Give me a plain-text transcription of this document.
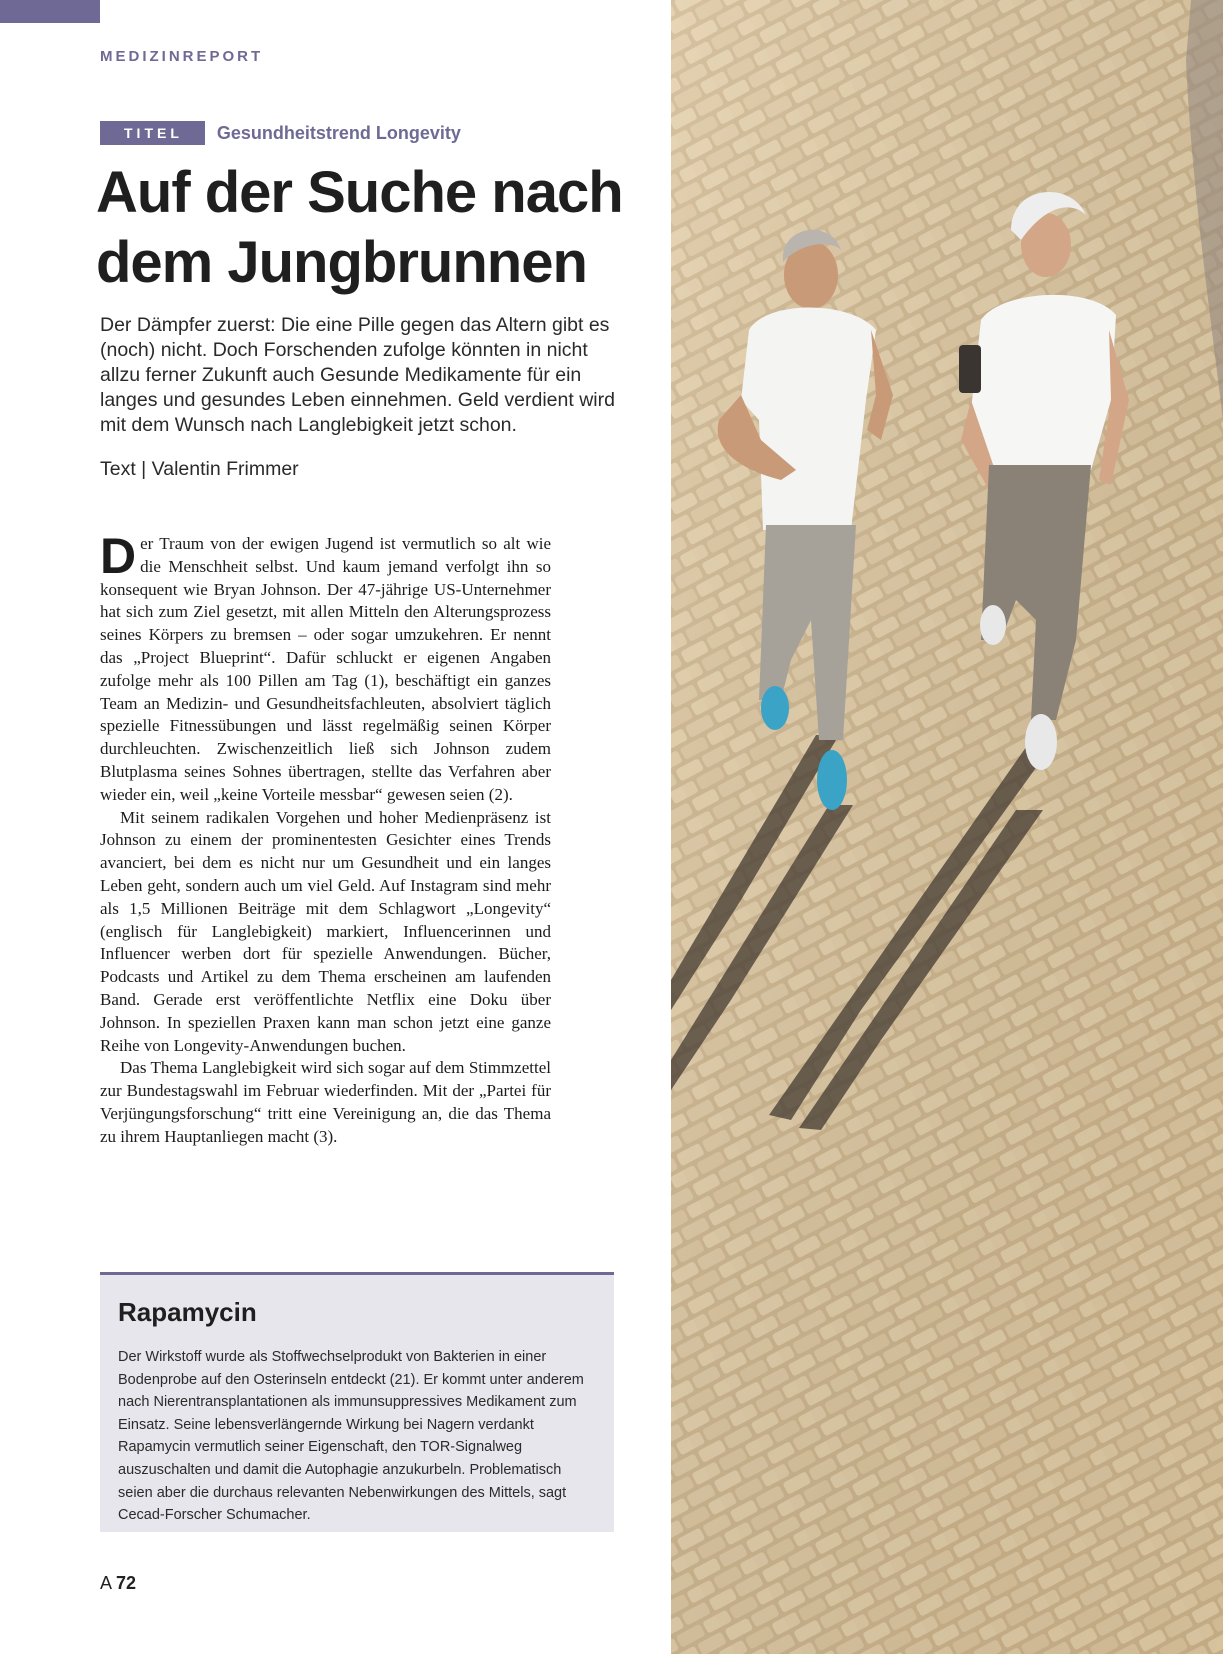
MEDIZINREPORT
TITEL	Gesundheitstrend Longevity
Auf der Suche nach dem Jungbrunnen

Der Dämpfer zuerst: Die eine Pille gegen das Altern gibt es (noch) nicht. Doch Forschenden zufolge könnten in nicht allzu ferner Zukunft auch Gesunde Medikamente für ein langes und gesundes Leben einnehmen. Geld verdient wird mit dem Wunsch nach Langlebigkeit jetzt schon.

Text | Valentin Frimmer

Der Traum von der ewigen Jugend ist vermutlich so alt wie die Menschheit selbst. Und kaum jemand verfolgt ihn so konsequent wie Bryan Johnson. Der 47-jährige US-Unternehmer hat sich zum Ziel gesetzt, mit allen Mitteln den Alterungsprozess seines Körpers zu bremsen – oder sogar umzukehren. Er nennt das „Project Blueprint“. Dafür schluckt er eigenen Angaben zufolge mehr als 100 Pillen am Tag (1), beschäftigt ein ganzes Team an Medizin- und Gesundheitsfachleuten, absolviert täglich spezielle Fitnessübungen und lässt regelmäßig seinen Körper durchleuchten. Zwischenzeitlich ließ sich Johnson zudem Blutplasma seines Sohnes übertragen, stellte das Verfahren aber wieder ein, weil „keine Vorteile messbar“ gewesen seien (2).

Mit seinem radikalen Vorgehen und hoher Medienpräsenz ist Johnson zu einem der prominentesten Gesichter eines Trends avanciert, bei dem es nicht nur um Gesundheit und ein langes Leben geht, sondern auch um viel Geld. Auf Instagram sind mehr als 1,5 Millionen Beiträge mit dem Schlagwort „Longevity“ (englisch für Langlebigkeit) markiert, Influencerinnen und Influencer werben dort für spezielle Anwendungen. Bücher, Podcasts und Artikel zu dem Thema erscheinen am laufenden Band. Gerade erst veröffentlichte Netflix eine Doku über Johnson. In speziellen Praxen kann man schon jetzt eine ganze Reihe von Longevity-Anwendungen buchen.

Das Thema Langlebigkeit wird sich sogar auf dem Stimmzettel zur Bundestagswahl im Februar wiederfinden. Mit der „Partei für Verjüngungsforschung“ tritt eine Vereinigung an, die das Thema zu ihrem Hauptanliegen macht (3).

Rapamycin

Der Wirkstoff wurde als Stoffwechselprodukt von Bakterien in einer Bodenprobe auf den Osterinseln entdeckt (21). Er kommt unter anderem nach Nierentransplantationen als immunsuppressives Medikament zum Einsatz. Seine lebensverlängernde Wirkung bei Nagern verdankt Rapamycin vermutlich seiner Eigenschaft, den TOR-Signalweg auszuschalten und damit die Autophagie anzukurbeln. Problematisch seien aber die durchaus relevanten Nebenwirkungen des Mittels, sagt Cecad-Forscher Schumacher.

A 72
